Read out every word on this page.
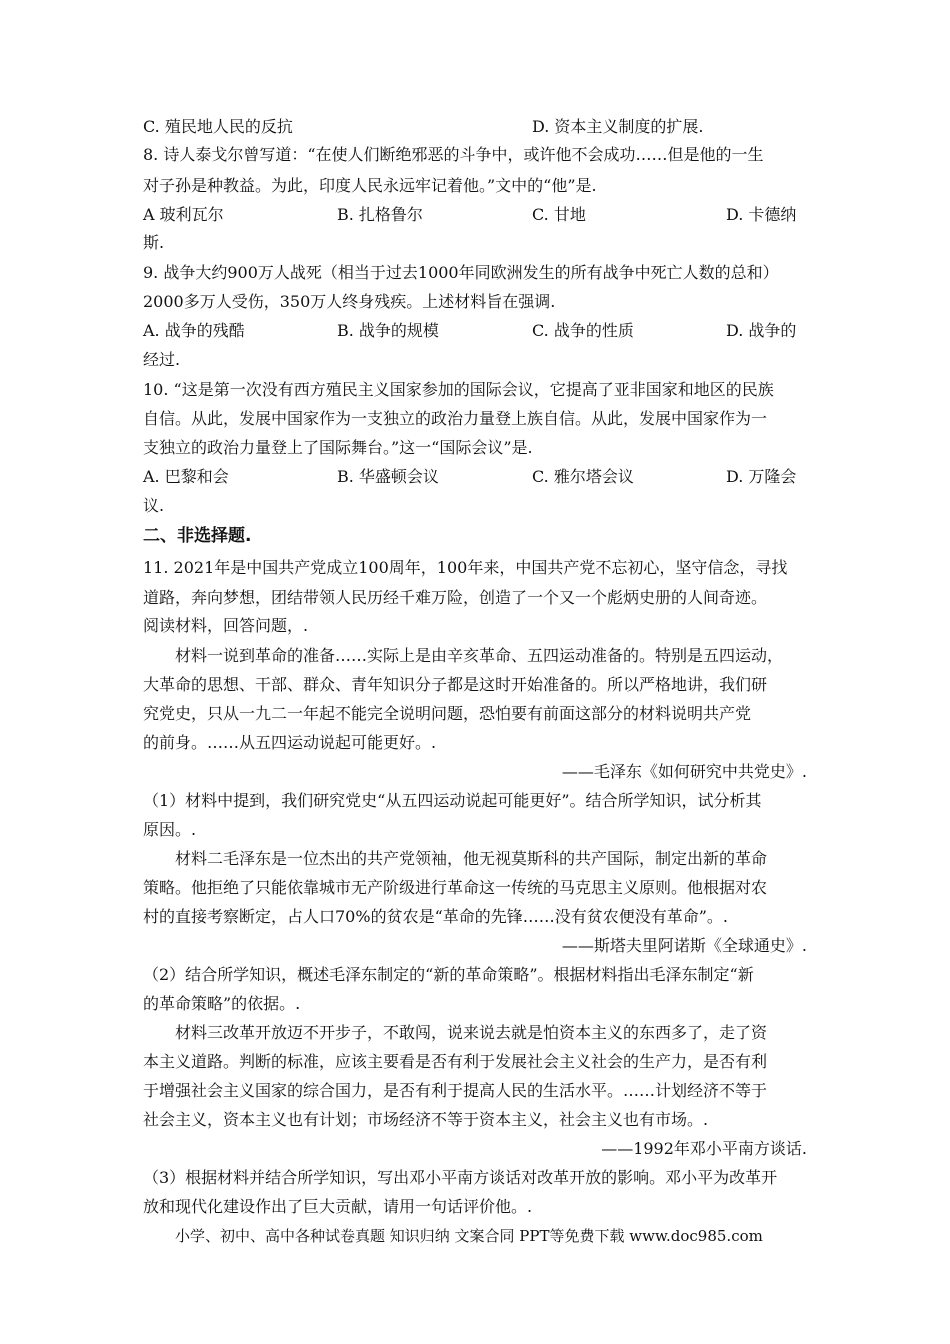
C. 殖民地人民的反抗	D. 资本主义制度的扩展.
8. 诗人泰戈尔曾写道：“在使人们断绝邪恶的斗争中，或许他不会成功……但是他的一生
对子孙是种教益。为此，印度人民永远牢记着他。”文中的“他”是.
A 玻利瓦尔	B. 扎格鲁尔	C. 甘地	D. 卡德纳
斯.
9. 战争大约900万人战死（相当于过去1000年同欧洲发生的所有战争中死亡人数的总和）
2000多万人受伤，350万人终身残疾。上述材料旨在强调.
A. 战争的残酷	B. 战争的规模	C. 战争的性质	D. 战争的
经过.
10. “这是第一次没有西方殖民主义国家参加的国际会议，它提高了亚非国家和地区的民族
自信。从此，发展中国家作为一支独立的政治力量登上族自信。从此，发展中国家作为一
支独立的政治力量登上了国际舞台。”这一“国际会议”是.
A. 巴黎和会	B. 华盛顿会议	C. 雅尔塔会议	D. 万隆会
议.
二、非选择题.
11. 2021年是中国共产党成立100周年，100年来，中国共产党不忘初心，坚守信念，寻找
道路，奔向梦想，团结带领人民历经千难万险，创造了一个又一个彪炳史册的人间奇迹。
阅读材料，回答问题，.
材料一说到革命的准备……实际上是由辛亥革命、五四运动准备的。特别是五四运动，
大革命的思想、干部、群众、青年知识分子都是这时开始准备的。所以严格地讲，我们研
究党史，只从一九二一年起不能完全说明问题，恐怕要有前面这部分的材料说明共产党
的前身。……从五四运动说起可能更好。.
——毛泽东《如何研究中共党史》.
（1）材料中提到，我们研究党史“从五四运动说起可能更好”。结合所学知识，试分析其
原因。.
材料二毛泽东是一位杰出的共产党领袖，他无视莫斯科的共产国际，制定出新的革命
策略。他拒绝了只能依靠城市无产阶级进行革命这一传统的马克思主义原则。他根据对农
村的直接考察断定，占人口70%的贫农是“革命的先锋……没有贫农便没有革命”。.
——斯塔夫里阿诺斯《全球通史》.
（2）结合所学知识，概述毛泽东制定的“新的革命策略”。根据材料指出毛泽东制定“新
的革命策略”的依据。.
材料三改革开放迈不开步子，不敢闯，说来说去就是怕资本主义的东西多了，走了资
本主义道路。判断的标准，应该主要看是否有利于发展社会主义社会的生产力，是否有利
于增强社会主义国家的综合国力，是否有利于提高人民的生活水平。……计划经济不等于
社会主义，资本主义也有计划；市场经济不等于资本主义，社会主义也有市场。.
——1992年邓小平南方谈话.
（3）根据材料并结合所学知识，写出邓小平南方谈话对改革开放的影响。邓小平为改革开
放和现代化建设作出了巨大贡献，请用一句话评价他。.
小学、初中、高中各种试卷真题 知识归纳 文案合同 PPT等免费下载 www.doc985.com
